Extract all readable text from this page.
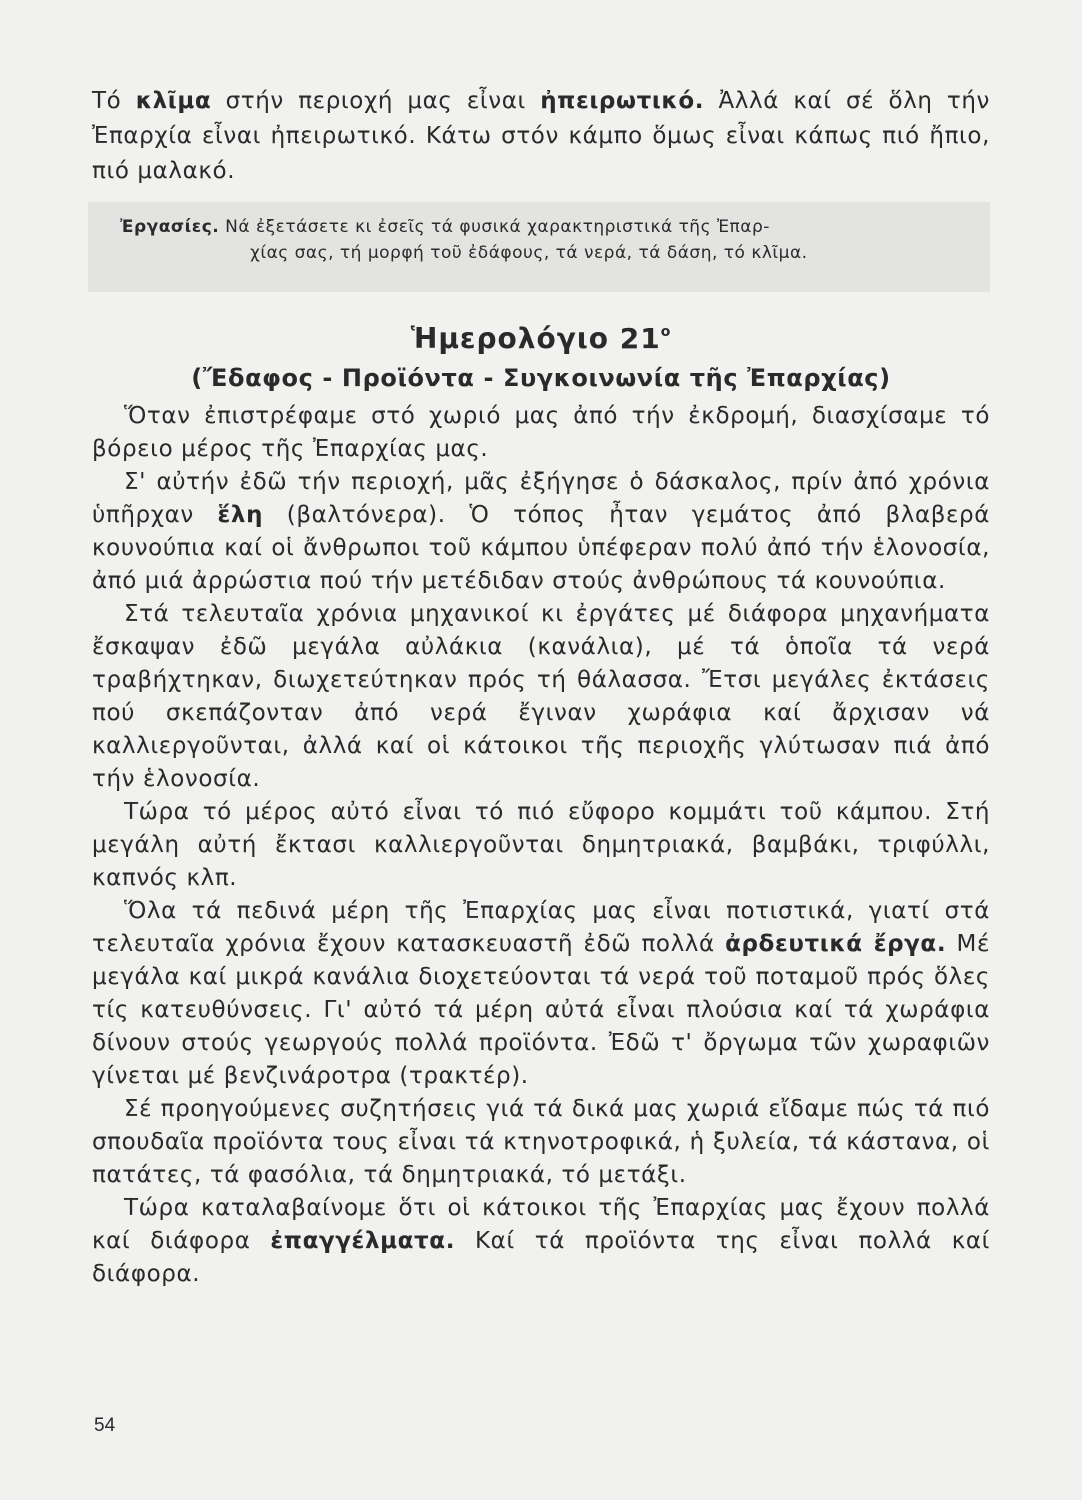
Τό κλῖμα στήν περιοχή μας εἶναι ἠπειρωτικό. Ἀλλά καί σέ ὅλη τήν Ἐπαρχία εἶναι ἠπειρωτικό. Κάτω στόν κάμπο ὅμως εἶναι κάπως πιό ἤπιο, πιό μαλακό.

Ἐργασίες. Νά ἐξετάσετε κι ἐσεῖς τά φυσικά χαρακτηριστικά τῆς Ἐπαρ-
χίας σας, τή μορφή τοῦ ἐδάφους, τά νερά, τά δάση, τό κλῖμα.
Ἡμερολόγιο $21^o$
(Ἔδαφος - Προϊόντα - Συγκοινωνία τῆς Ἐπαρχίας)

Ὅταν ἐπιστρέφαμε στό χωριό μας ἀπό τήν ἐκδρομή, διασχίσαμε τό βόρειο μέρος τῆς Ἐπαρχίας μας.

Σ' αὐτήν ἐδῶ τήν περιοχή, μᾶς ἐξήγησε ὁ δάσκαλος, πρίν ἀπό χρόνια ὑπῆρχαν ἕλη (βαλτόνερα). Ὁ τόπος ἦταν γεμάτος ἀπό βλαβερά κουνούπια καί οἱ ἄνθρωποι τοῦ κάμπου ὑπέφεραν πολύ ἀπό τήν ἑλονοσία, ἀπό μιά ἀρρώστια πού τήν μετέδιδαν στούς ἀνθρώπους τά κουνούπια.

Στά τελευταῖα χρόνια μηχανικοί κι ἐργάτες μέ διάφορα μηχανήματα ἔσκαψαν ἐδῶ μεγάλα αὐλάκια (κανάλια), μέ τά ὁποῖα τά νερά τραβήχτηκαν, διωχετεύτηκαν πρός τή θάλασσα. Ἔτσι μεγάλες ἐκτάσεις πού σκεπάζονταν ἀπό νερά ἔγιναν χωράφια καί ἄρχισαν νά καλλιεργοῦνται, ἀλλά καί οἱ κάτοικοι τῆς περιοχῆς γλύτωσαν πιά ἀπό τήν ἑλονοσία.

Τώρα τό μέρος αὐτό εἶναι τό πιό εὔφορο κομμάτι τοῦ κάμπου. Στή μεγάλη αὐτή ἔκτασι καλλιεργοῦνται δημητριακά, βαμβάκι, τριφύλλι, καπνός κλπ.

Ὅλα τά πεδινά μέρη τῆς Ἐπαρχίας μας εἶναι ποτιστικά, γιατί στά τελευταῖα χρόνια ἔχουν κατασκευαστῆ ἐδῶ πολλά ἀρδευτικά ἔργα. Μέ μεγάλα καί μικρά κανάλια διοχετεύονται τά νερά τοῦ ποταμοῦ πρός ὅλες τίς κατευθύνσεις. Γι' αὐτό τά μέρη αὐτά εἶναι πλούσια καί τά χωράφια δίνουν στούς γεωργούς πολλά προϊόντα. Ἐδῶ τ' ὄργωμα τῶν χωραφιῶν γίνεται μέ βενζινάροτρα (τρακτέρ).

Σέ προηγούμενες συζητήσεις γιά τά δικά μας χωριά εἴδαμε πώς τά πιό σπουδαῖα προϊόντα τους εἶναι τά κτηνοτροφικά, ἡ ξυλεία, τά κάστανα, οἱ πατάτες, τά φασόλια, τά δημητριακά, τό μετάξι.

Τώρα καταλαβαίνομε ὅτι οἱ κάτοικοι τῆς Ἐπαρχίας μας ἔχουν πολλά καί διάφορα ἐπαγγέλματα. Καί τά προϊόντα της εἶναι πολλά καί διάφορα.

54
